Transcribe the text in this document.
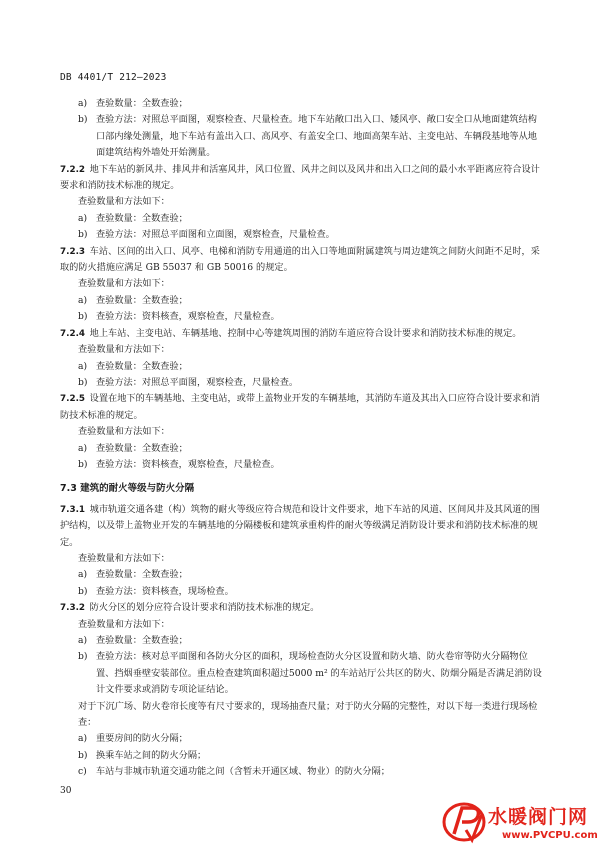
DB 4401/T 212—2023
a) 查验数量：全数查验；
b) 查验方法：对照总平面图，观察检查、尺量检查。地下车站敞口出入口、矮风亭、敞口安全口从地面建筑结构口部内缘处测量，地下车站有盖出入口、高风亭、有盖安全口、地面高架车站、主变电站、车辆段基地等从地面建筑结构外墙处开始测量。
7.2.2 地下车站的新风井、排风井和活塞风井，风口位置、风井之间以及风井和出入口之间的最小水平距离应符合设计要求和消防技术标准的规定。
查验数量和方法如下：
a) 查验数量：全数查验；
b) 查验方法：对照总平面图和立面图，观察检查，尺量检查。
7.2.3 车站、区间的出入口、风亭、电梯和消防专用通道的出入口等地面附属建筑与周边建筑之间防火间距不足时，采取的防火措施应满足 GB 55037 和 GB 50016 的规定。
查验数量和方法如下：
a) 查验数量：全数查验；
b) 查验方法：资料核查，观察检查，尺量检查。
7.2.4 地上车站、主变电站、车辆基地、控制中心等建筑周围的消防车道应符合设计要求和消防技术标准的规定。
查验数量和方法如下：
a) 查验数量：全数查验；
b) 查验方法：对照总平面图，观察检查，尺量检查。
7.2.5 设置在地下的车辆基地、主变电站，或带上盖物业开发的车辆基地，其消防车道及其出入口应符合设计要求和消防技术标准的规定。
查验数量和方法如下：
a) 查验数量：全数查验；
b) 查验方法：资料核查，观察检查，尺量检查。
7.3 建筑的耐火等级与防火分隔
7.3.1 城市轨道交通各建（构）筑物的耐火等级应符合规范和设计文件要求，地下车站的风道、区间风井及其风道的围护结构，以及带上盖物业开发的车辆基地的分隔楼板和建筑承重构件的耐火等级满足消防设计要求和消防技术标准的规定。
查验数量和方法如下：
a) 查验数量：全数查验；
b) 查验方法：资料核查，现场检查。
7.3.2 防火分区的划分应符合设计要求和消防技术标准的规定。
查验数量和方法如下：
a) 查验数量：全数查验；
b) 查验方法：核对总平面图和各防火分区的面积，现场检查防火分区设置和防火墙、防火卷帘等防火分隔物位置、挡烟垂壁安装部位。重点检查建筑面积超过5000 m² 的车站站厅公共区的防火、防烟分隔是否满足消防设计文件要求或消防专项论证结论。
对于下沉广场、防火卷帘长度等有尺寸要求的，现场抽查尺量；对于防火分隔的完整性，对以下每一类进行现场检查：
a) 重要房间的防火分隔；
b) 换乘车站之间的防火分隔；
c)	车站与非城市轨道交通功能之间（含暂未开通区域、物业）的防火分隔；
30
水暖阀门网
www.PVCPU.com
